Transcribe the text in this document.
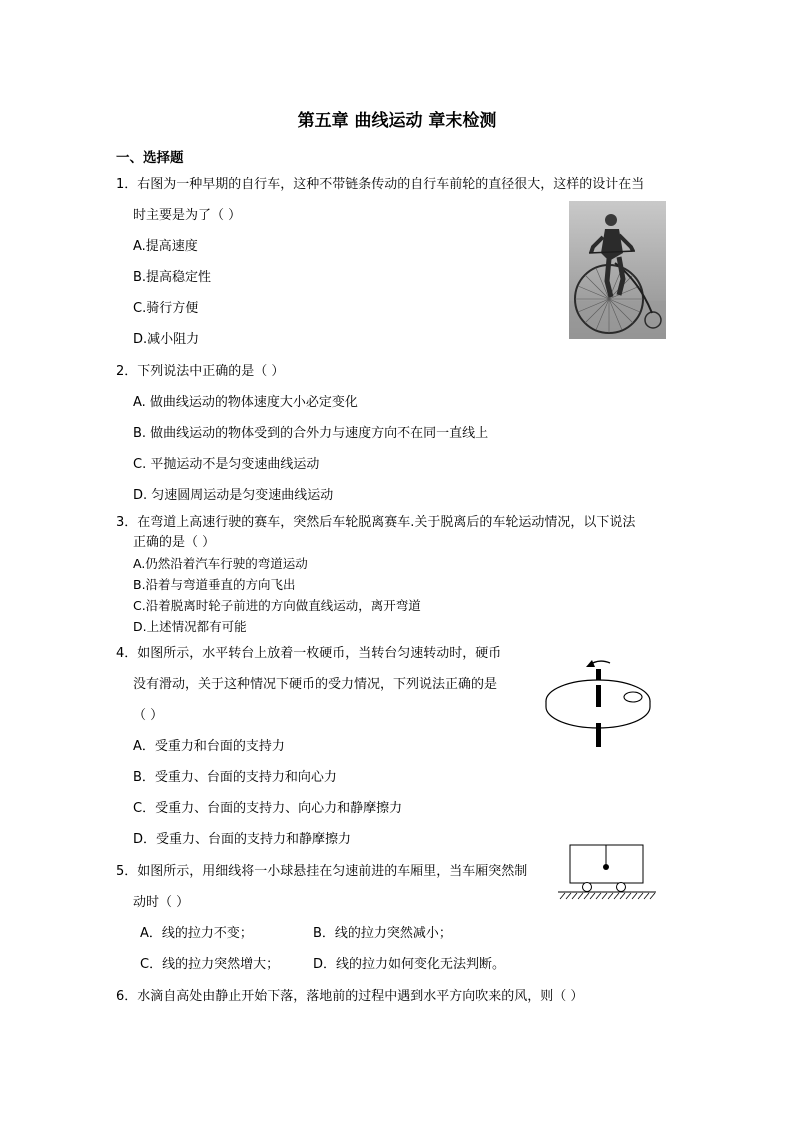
第五章 曲线运动 章末检测
一、选择题
1．右图为一种早期的自行车，这种不带链条传动的自行车前轮的直径很大，这样的设计在当
时主要是为了（ ）
A.提高速度
B.提高稳定性
C.骑行方便
D.减小阻力
2．下列说法中正确的是（ ）
A. 做曲线运动的物体速度大小必定变化
B. 做曲线运动的物体受到的合外力与速度方向不在同一直线上
C. 平抛运动不是匀变速曲线运动
D. 匀速圆周运动是匀变速曲线运动
3．在弯道上高速行驶的赛车，突然后车轮脱离赛车.关于脱离后的车轮运动情况，以下说法
正确的是（ ）
A.仍然沿着汽车行驶的弯道运动
B.沿着与弯道垂直的方向飞出
C.沿着脱离时轮子前进的方向做直线运动，离开弯道
D.上述情况都有可能
4．如图所示，水平转台上放着一枚硬币，当转台匀速转动时，硬币
没有滑动，关于这种情况下硬币的受力情况，下列说法正确的是
（ ）
A．受重力和台面的支持力
B．受重力、台面的支持力和向心力
C．受重力、台面的支持力、向心力和静摩擦力
D．受重力、台面的支持力和静摩擦力
5．如图所示，用细线将一小球悬挂在匀速前进的车厢里，当车厢突然制
动时（ ）
A．线的拉力不变；	B．线的拉力突然减小；
C．线的拉力突然增大；	D．线的拉力如何变化无法判断。
6．水滴自高处由静止开始下落，落地前的过程中遇到水平方向吹来的风，则（ ）
